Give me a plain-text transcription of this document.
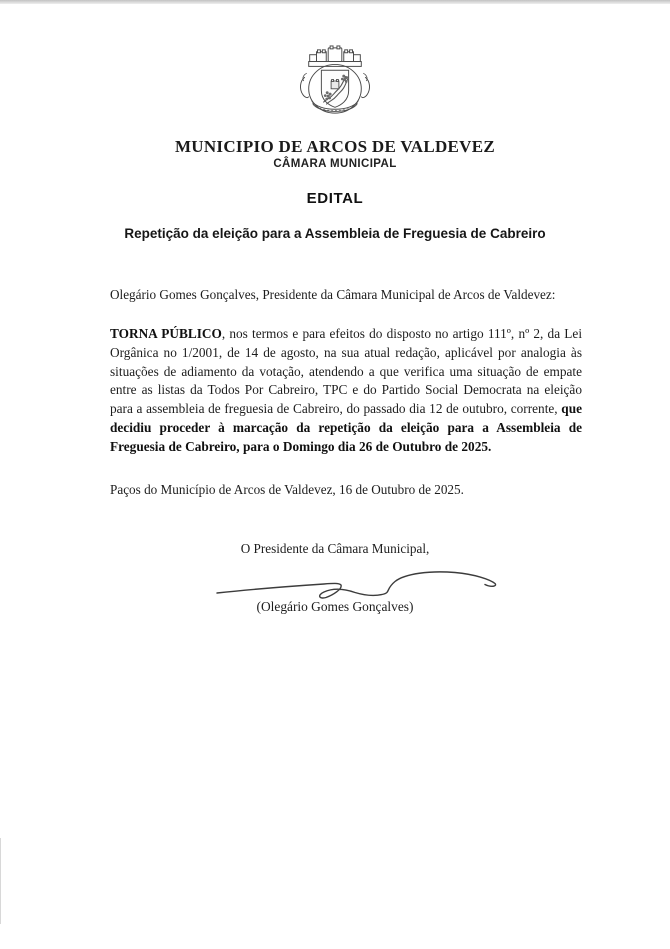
MUNICIPIO DE ARCOS DE VALDEVEZ
CÂMARA MUNICIPAL
EDITAL
Repetição da eleição para a Assembleia de Freguesia de Cabreiro
Olegário Gomes Gonçalves, Presidente da Câmara Municipal de Arcos de Valdevez:

TORNA PÚBLICO, nos termos e para efeitos do disposto no artigo 111º, nº 2, da Lei Orgânica no 1/2001, de 14 de agosto, na sua atual redação, aplicável por analogia às situações de adiamento da votação, atendendo a que verifica uma situação de empate entre as listas da Todos Por Cabreiro, TPC e do Partido Social Democrata na eleição para a assembleia de freguesia de Cabreiro, do passado dia 12 de outubro, corrente, que decidiu proceder à marcação da repetição da eleição para a Assembleia de Freguesia de Cabreiro, para o Domingo dia 26 de Outubro de 2025.

Paços do Município de Arcos de Valdevez, 16 de Outubro de 2025.
O Presidente da Câmara Municipal,
(Olegário Gomes Gonçalves)
